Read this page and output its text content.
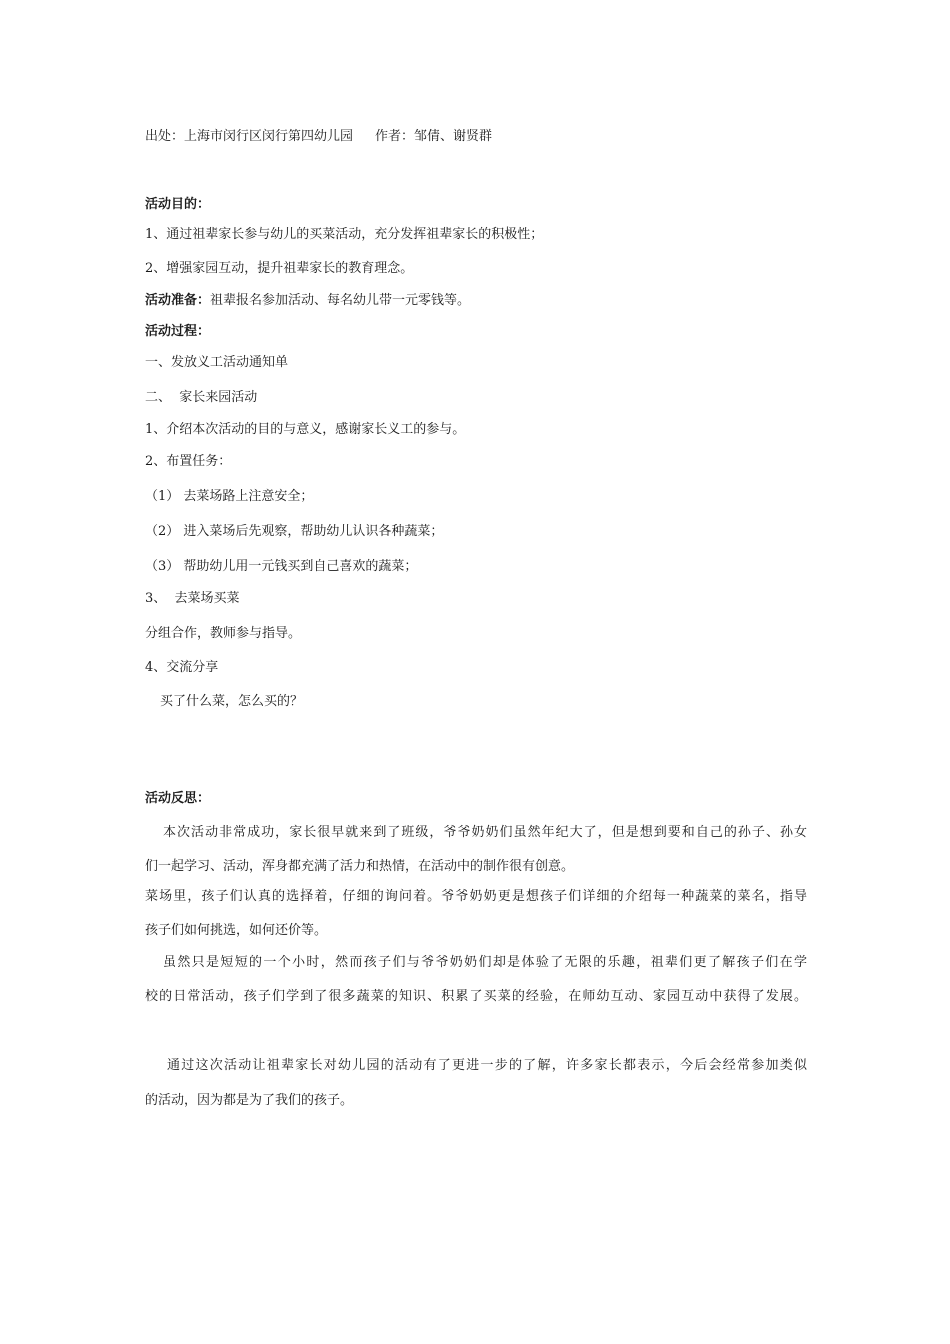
出处：上海市闵行区闵行第四幼儿园 作者：邹倩、谢贤群
活动目的：
1、通过祖辈家长参与幼儿的买菜活动，充分发挥祖辈家长的积极性；
2、增强家园互动，提升祖辈家长的教育理念。
活动准备：祖辈报名参加活动、每名幼儿带一元零钱等。
活动过程：
一、发放义工活动通知单
二、  家长来园活动
1、介绍本次活动的目的与意义，感谢家长义工的参与。
2、布置任务：
（1） 去菜场路上注意安全；
（2） 进入菜场后先观察，帮助幼儿认识各种蔬菜；
（3） 帮助幼儿用一元钱买到自己喜欢的蔬菜；
3、  去菜场买菜
分组合作，教师参与指导。
4、交流分享
买了什么菜，怎么买的？
活动反思：
本次活动非常成功，家长很早就来到了班级，爷爷奶奶们虽然年纪大了，但是想到要和自己的孙子、孙女
们一起学习、活动，浑身都充满了活力和热情，在活动中的制作很有创意。
菜场里，孩子们认真的选择着，仔细的询问着。爷爷奶奶更是想孩子们详细的介绍每一种蔬菜的菜名，指导
孩子们如何挑选，如何还价等。
虽然只是短短的一个小时，然而孩子们与爷爷奶奶们却是体验了无限的乐趣，祖辈们更了解孩子们在学
校的日常活动，孩子们学到了很多蔬菜的知识、积累了买菜的经验，在师幼互动、家园互动中获得了发展。
通过这次活动让祖辈家长对幼儿园的活动有了更进一步的了解，许多家长都表示，今后会经常参加类似
的活动，因为都是为了我们的孩子。
